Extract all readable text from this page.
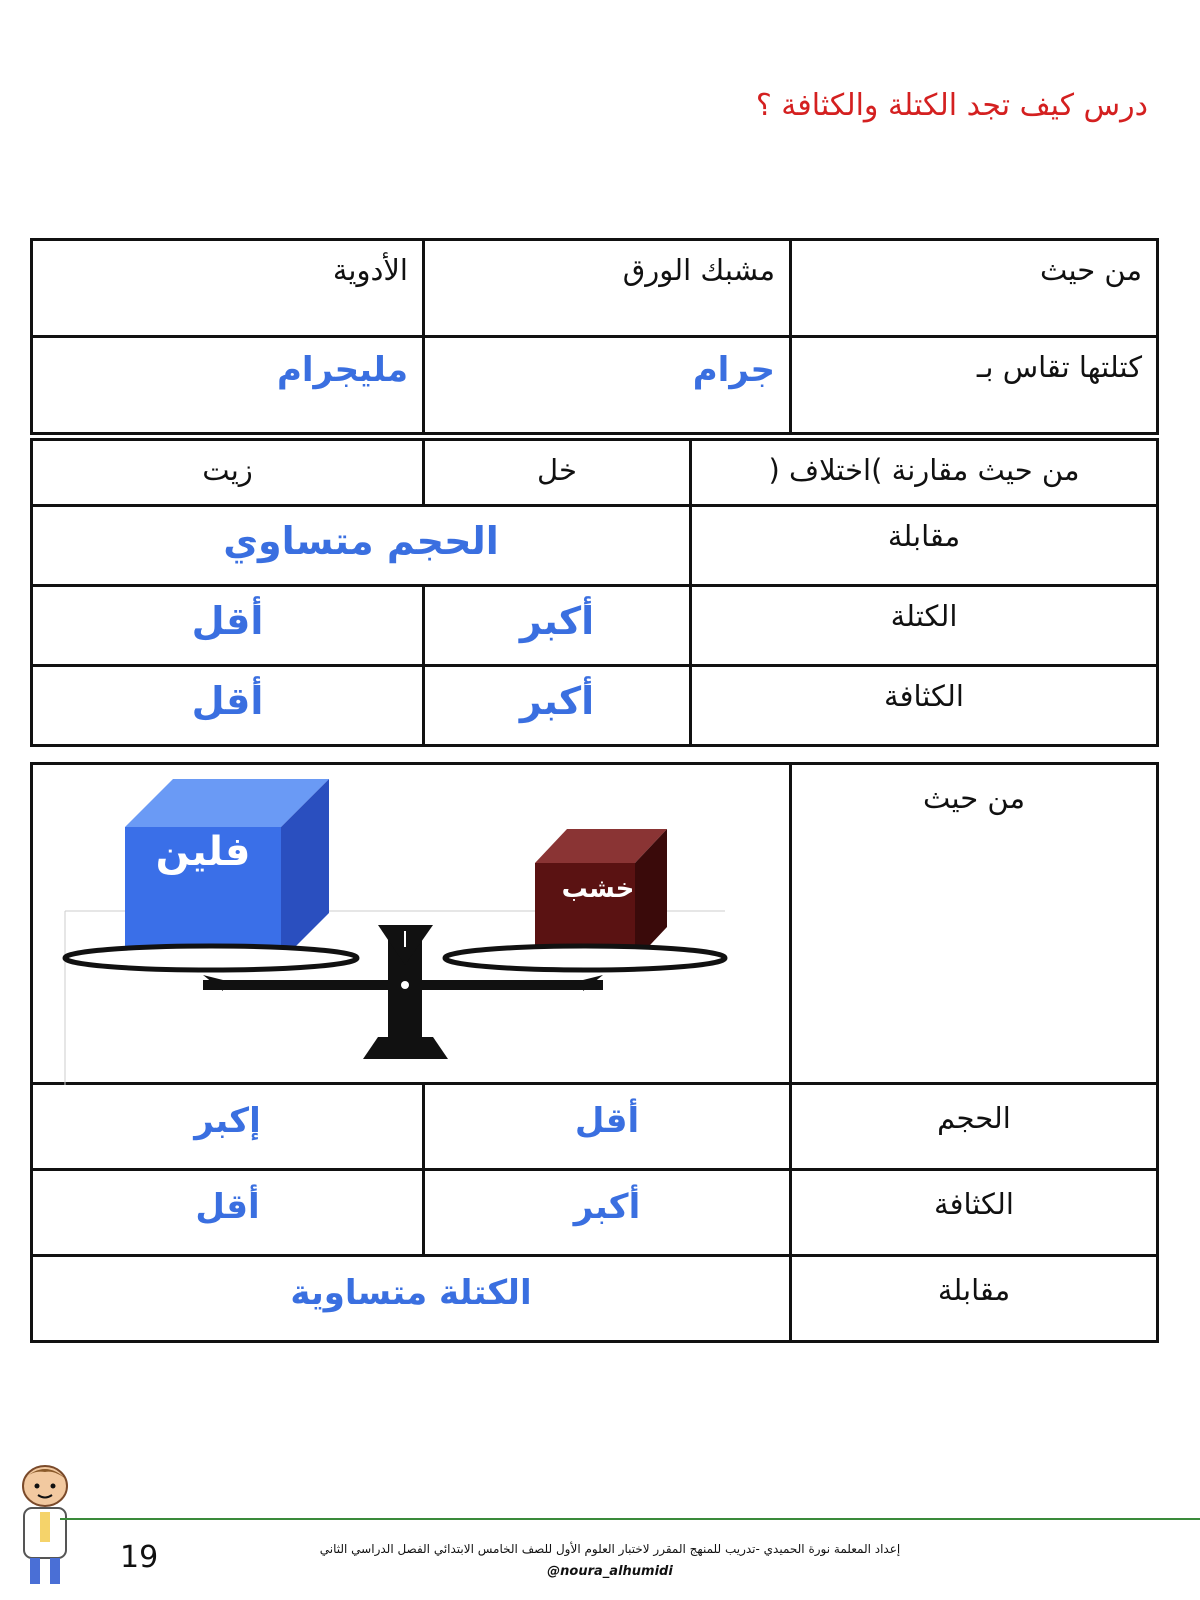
درس كيف تجد الكتلة والكثافة ؟
من حيث	مشبك الورق	الأدوية
كتلتها تقاس بـ	جرام	مليجرام
من حيث مقارنة )اختلاف (	خل	زيت
مقابلة	الحجم متساوي	
الكتلة	أكبر	أقل
الكثافة	أكبر	أقل
من حيث	فلين
خشب	

الحجم	أقل	إكبر
الكثافة	أكبر	أقل
مقابلة	الكتلة متساوية	
19	إعداد المعلمة نورة الحميدي -تدريب للمنهج المقرر لاختبار العلوم الأول للصف الخامس الابتدائي الفصل الدراسي الثاني
@noura_alhumidi
